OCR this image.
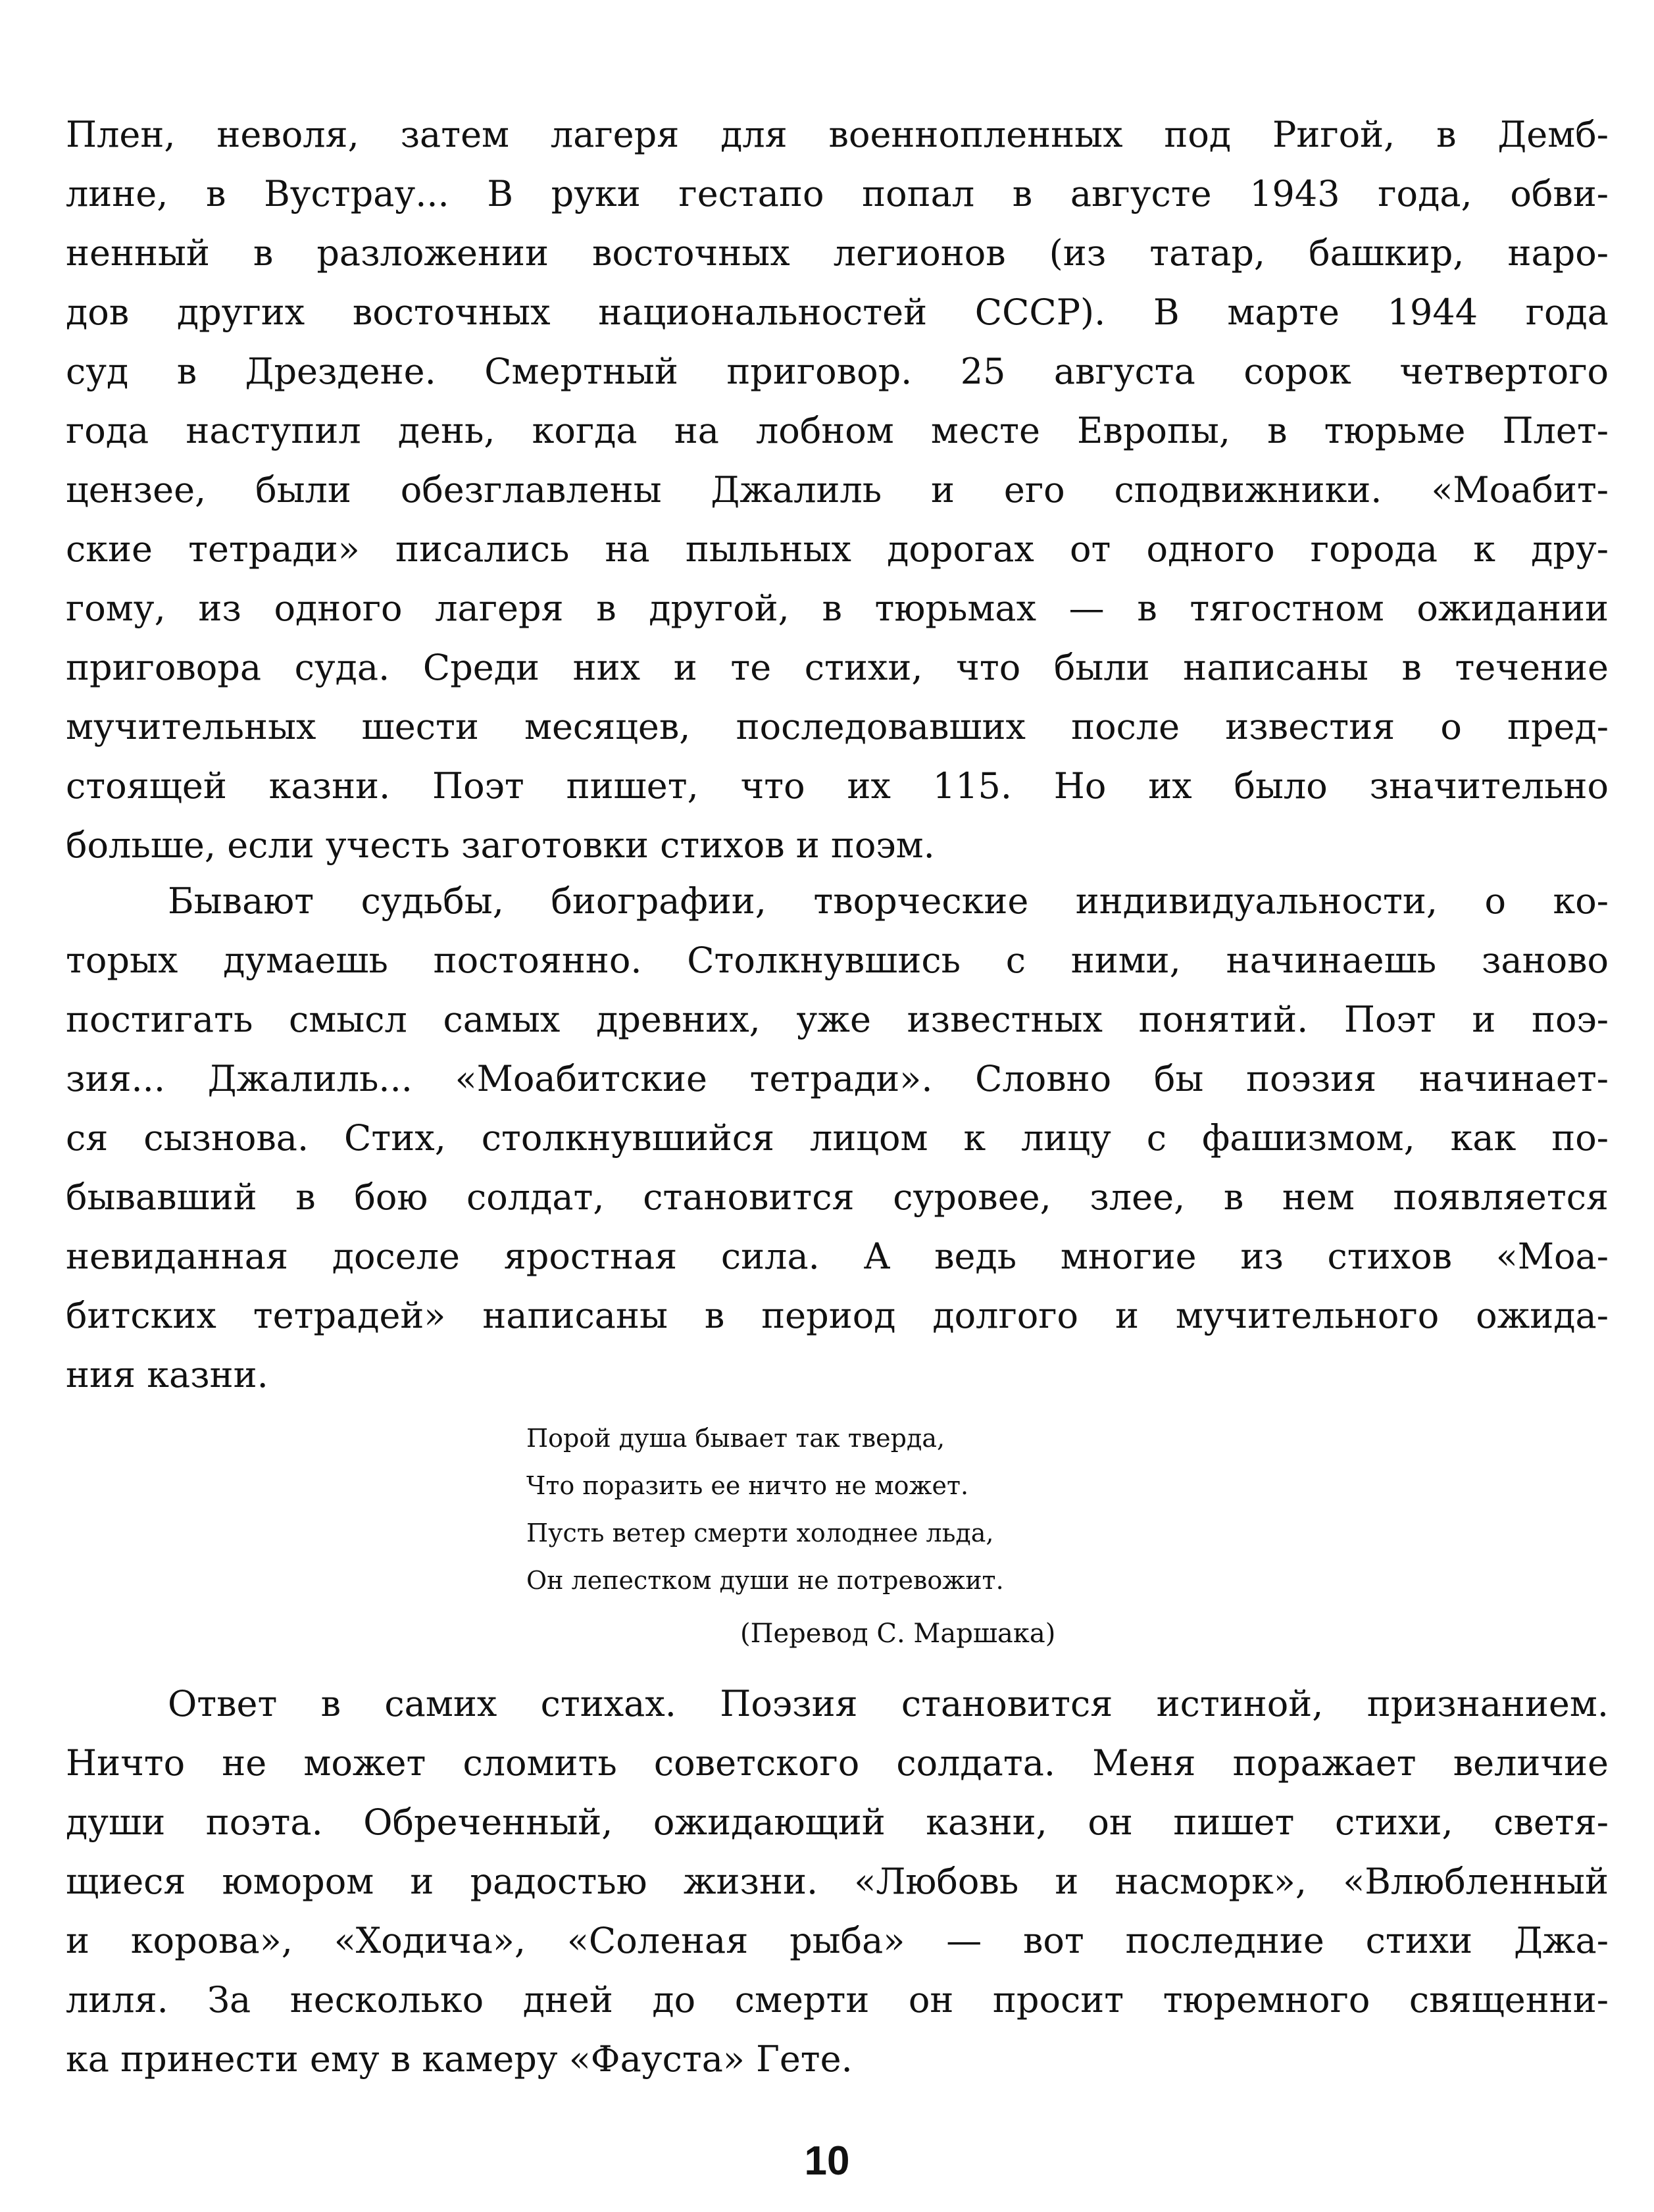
Плен, неволя, затем лагеря для военнопленных под Ригой, в Демб-
лине, в Вустрау... В руки гестапо попал в августе 1943 года, обви-
ненный в разложении восточных легионов (из татар, башкир, наро-
дов других восточных национальностей СССР). В марте 1944 года
суд в Дрездене. Смертный приговор. 25 августа сорок четвертого
года наступил день, когда на лобном месте Европы, в тюрьме Плет-
цензее, были обезглавлены Джалиль и его сподвижники. «Моабит-
ские тетради» писались на пыльных дорогах от одного города к дру-
гому, из одного лагеря в другой, в тюрьмах — в тягостном ожидании
приговора суда. Среди них и те стихи, что были написаны в течение
мучительных шести месяцев, последовавших после известия о пред-
стоящей казни. Поэт пишет, что их 115. Но их было значительно
больше, если учесть заготовки стихов и поэм.
Бывают судьбы, биографии, творческие индивидуальности, о ко-
торых думаешь постоянно. Столкнувшись с ними, начинаешь заново
постигать смысл самых древних, уже известных понятий. Поэт и поэ-
зия... Джалиль... «Моабитские тетради». Словно бы поэзия начинает-
ся сызнова. Стих, столкнувшийся лицом к лицу с фашизмом, как по-
бывавший в бою солдат, становится суровее, злее, в нем появляется
невиданная доселе яростная сила. А ведь многие из стихов «Моа-
битских тетрадей» написаны в период долгого и мучительного ожида-
ния казни.
Порой душа бывает так тверда,
Что поразить ее ничто не может.
Пусть ветер смерти холоднее льда,
Он лепестком души не потревожит.
(Перевод С. Маршака)
Ответ в самих стихах. Поэзия становится истиной, признанием.
Ничто не может сломить советского солдата. Меня поражает величие
души поэта. Обреченный, ожидающий казни, он пишет стихи, светя-
щиеся юмором и радостью жизни. «Любовь и насморк», «Влюбленный
и корова», «Ходича», «Соленая рыба» — вот последние стихи Джа-
лиля. За несколько дней до смерти он просит тюремного священни-
ка принести ему в камеру «Фауста» Гете.
10
